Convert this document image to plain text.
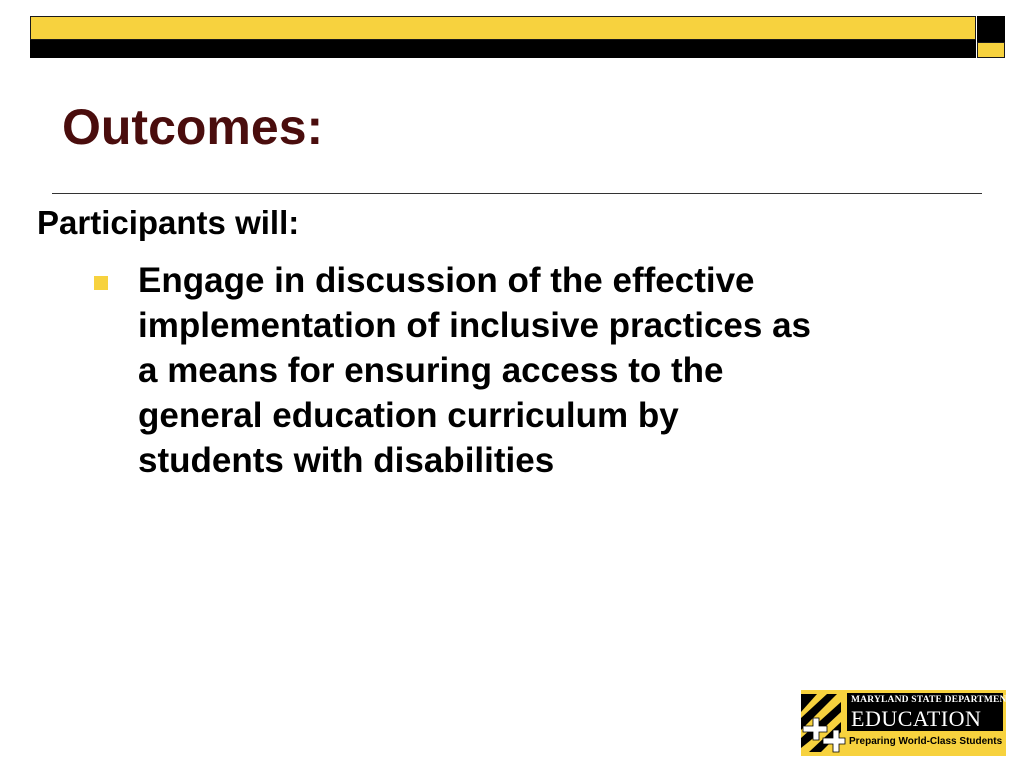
Outcomes:

Participants will:

Engage in discussion of the effective
implementation of inclusive practices as
a means for ensuring access to the
general education curriculum by
students with disabilities
MARYLAND STATE DEPARTMENT OF
EDUCATION
Preparing World-Class Students
